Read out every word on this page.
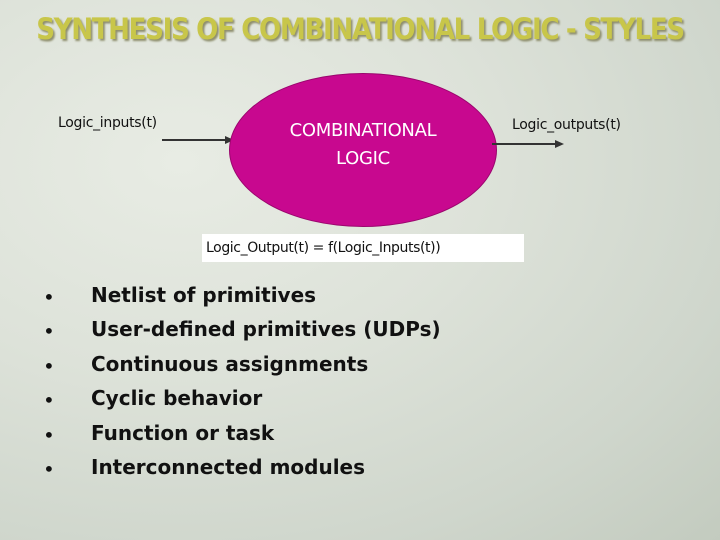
SYNTHESIS OF COMBINATIONAL LOGIC - STYLES
Logic_inputs(t)	COMBINATIONAL
LOGIC
Logic_outputs(t)
Logic_Output(t) = f(Logic_Inputs(t))
• Netlist of primitives
• User-defined primitives (UDPs)
• Continuous assignments
• Cyclic behavior
• Function or task
• Interconnected modules
